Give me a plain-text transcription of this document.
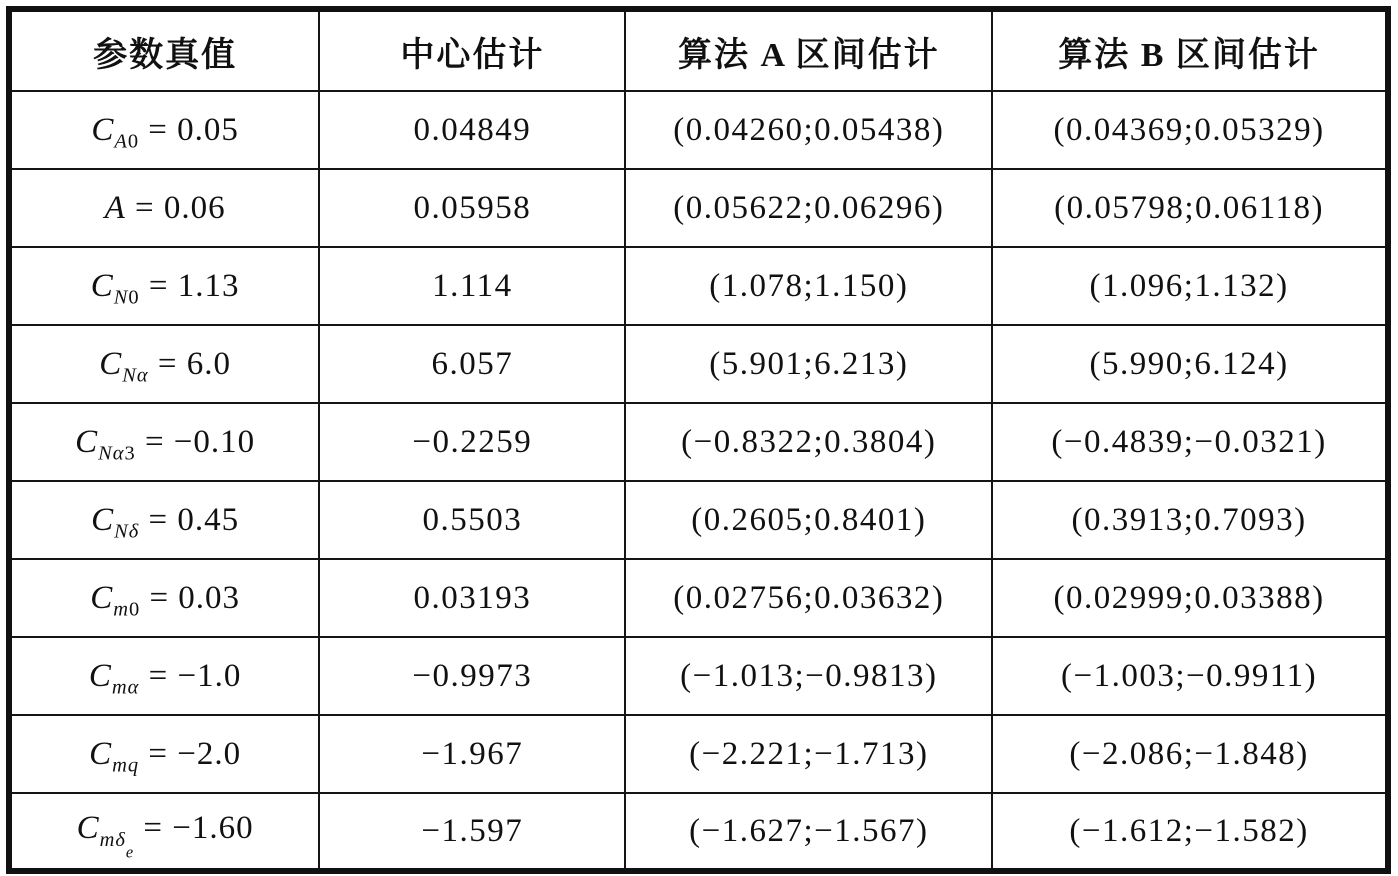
参数真值	中心估计	算法 A 区间估计	算法 B 区间估计
$C_{A0} = 0.05$	0.04849	(0.04260;0.05438)	(0.04369;0.05329)
A = 0.06	0.05958	(0.05622;0.06296)	(0.05798;0.06118)
$C_{N0} = 1.13$	1.114	(1.078;1.150)	(1.096;1.132)
$C_{N\alpha} = 6.0$	6.057	(5.901;6.213)	(5.990;6.124)
$C_{N\alpha 3} = -0.10$	−0.2259	(−0.8322;0.3804)	(−0.4839;−0.0321)
$C_{N\delta} = 0.45$	0.5503	(0.2605;0.8401)	(0.3913;0.7093)
$C_{m0} = 0.03$	0.03193	(0.02756;0.03632)	(0.02999;0.03388)
$C_{m\alpha} = -1.0$	−0.9973	(−1.013;−0.9813)	(−1.003;−0.9911)
$C_{mq} = -2.0$	−1.967	(−2.221;−1.713)	(−2.086;−1.848)
$C_{m\delta_e} = -1.60$	−1.597	(−1.627;−1.567)	(−1.612;−1.582)
